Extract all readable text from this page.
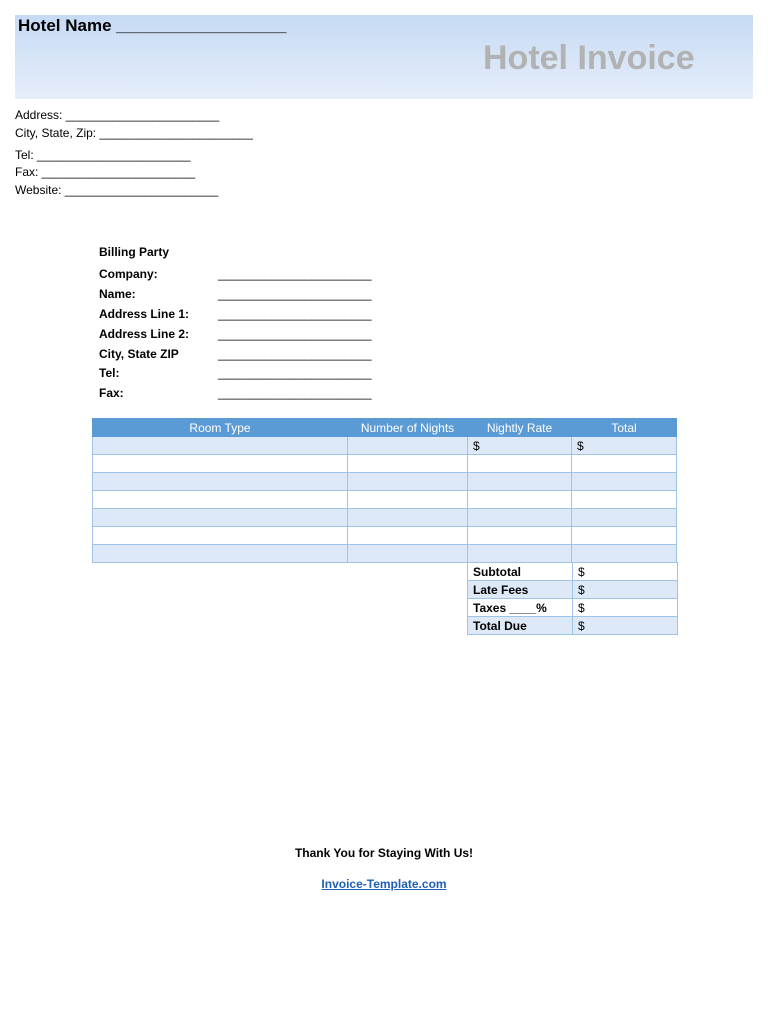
Hotel Name __________________
Hotel Invoice
Address: _______________________
City, State, Zip: _______________________
Tel: _______________________
Fax: _______________________
Website: _______________________
Billing Party
Company:	_______________________
Name:	_______________________
Address Line 1: _______________________
Address Line 2: _______________________
City, State ZIP	_______________________
Tel:	_______________________
Fax:	_______________________
Room Type	Number of Nights	Nightly Rate	Total
		$	$

Subtotal	$
Late Fees	$
Taxes ____%	$
Total Due	$
Thank You for Staying With Us!
Invoice-Template.com
